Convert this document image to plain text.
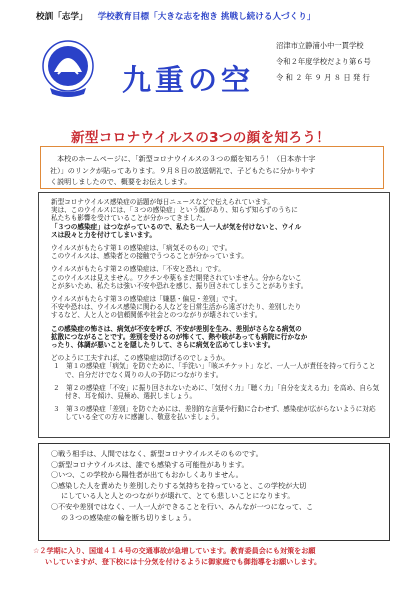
校訓「志学」 学校教育目標「大きな志を抱き 挑戦し続ける人づくり」
九重の空
沼津市立静浦小中一貫学校
令和２年度学校だより第６号
令 和 ２ 年 ９ 月 ８ 日 発 行
新型コロナウイルスの3つの顔を知ろう！

本校のホームページに、「新型コロナウイルスの３つの顔を知ろう！（日本赤十字

社）」のリンクが貼ってあります。９月８日の放送朝礼で、子どもたちに分かりやす

く説明しましたので、概要をお伝えします。

新型コロナウイルス感染症の話題が毎日ニュースなどで伝えられています。

実は、このウイルスには、「３つの感染症」という顔があり、知らず知らずのうちに

私たちも影響を受けていることが分かってきました。

「３つの感染症」はつながっているので、私たち一人一人が気を付けないと、ウイル

スは段々と力を付けてしまいます。

ウイルスがもたらす第１の感染症は、「病気そのもの」です。

このウイルスは、感染者との接触でうつることが分かっています。

ウイルスがもたらす第２の感染症は、「不安と恐れ」です。

このウイルスは見えません。ワクチンや薬もまだ開発されていません。分からないこ

とが多いため、私たちは強い不安や恐れを感じ、振り回されてしまうことがあります。

ウイルスがもたらす第３の感染症は「嫌悪・偏見・差別」です。

不安や恐れは、ウイルス感染に関わる人などを日常生活から遠ざけたり、差別したり

するなど、人と人との信頼関係や社会とのつながりが壊されています。

この感染症の怖さは、病気が不安を呼び、不安が差別を生み、差別がさらなる病気の

拡散につながることです。差別を受けるのが怖くて、熱や咳があっても病院に行かなか

ったり、体調が悪いことを隠したりして、さらに病気を広めてしまいます。

どのように工夫すれば、この感染症は防げるのでしょうか。

１　第１の感染症「病気」を防ぐために、「手洗い」「咳エチケット」など、一人一人が責任を持って行うことで、自分だけでなく周りの人の予防につながります。

２　第２の感染症「不安」に振り回されないために、「気付く力」「聴く力」「自分を支える力」を高め、自ら気付き、耳を傾け、見極め、選択しましょう。

３　第３の感染症「差別」を防ぐためには、差別的な言葉や行動に合わせず、感染症が広がらないように対応している全ての方々に感謝し、敬意を払いましょう。

〇戦う相手は、人間ではなく、新型コロナウイルスそのものです。

〇新型コロナウイルスは、誰でも感染する可能性があります。

〇いつ、この学校から陽性者が出てもおかしくありません。

〇感染した人を責めたり差別したりする気持ちを持っていると、この学校が大切

にしている人と人とのつながりが壊れて、とても悲しいことになります。

〇不安や差別ではなく、一人一人ができることを行い、みんなが一つになって、こ

の３つの感染症の輪を断ち切りましょう。

☆２学期に入り、国道４１４号の交通事故が急増しています。教育委員会にも対策をお願

いしていますが、登下校には十分気を付けるように御家庭でも御指導をお願いします。
